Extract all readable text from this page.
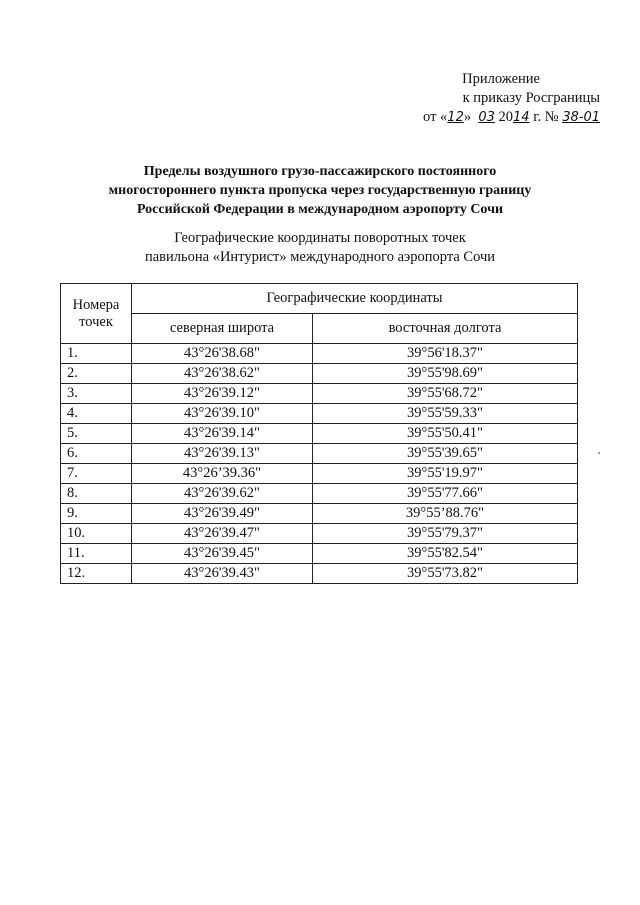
Приложение
к приказу Росграницы
от «12» 03 2014 г. № 38-01
Пределы воздушного грузо-пассажирского постоянного
многостороннего пункта пропуска через государственную границу
Российской Федерации в международном аэропорту Сочи
Географические координаты поворотных точек
павильона «Интурист» международного аэропорта Сочи
Номера
точек	Географические координаты	
	северная широта	восточная долгота
1.	43°26'38.68"	39°56'18.37"
2.	43°26'38.62"	39°55'98.69"
3.	43°26'39.12"	39°55'68.72"
4.	43°26'39.10"	39°55'59.33"
5.	43°26'39.14"	39°55'50.41"
6.	43°26'39.13"	39°55'39.65"
7.	43°26’39.36"	39°55'19.97"
8.	43°26'39.62"	39°55'77.66"
9.	43°26'39.49"	39°55’88.76"
10.	43°26'39.47"	39°55'79.37"
11.	43°26'39.45"	39°55'82.54"
12.	43°26'39.43"	39°55'73.82"
